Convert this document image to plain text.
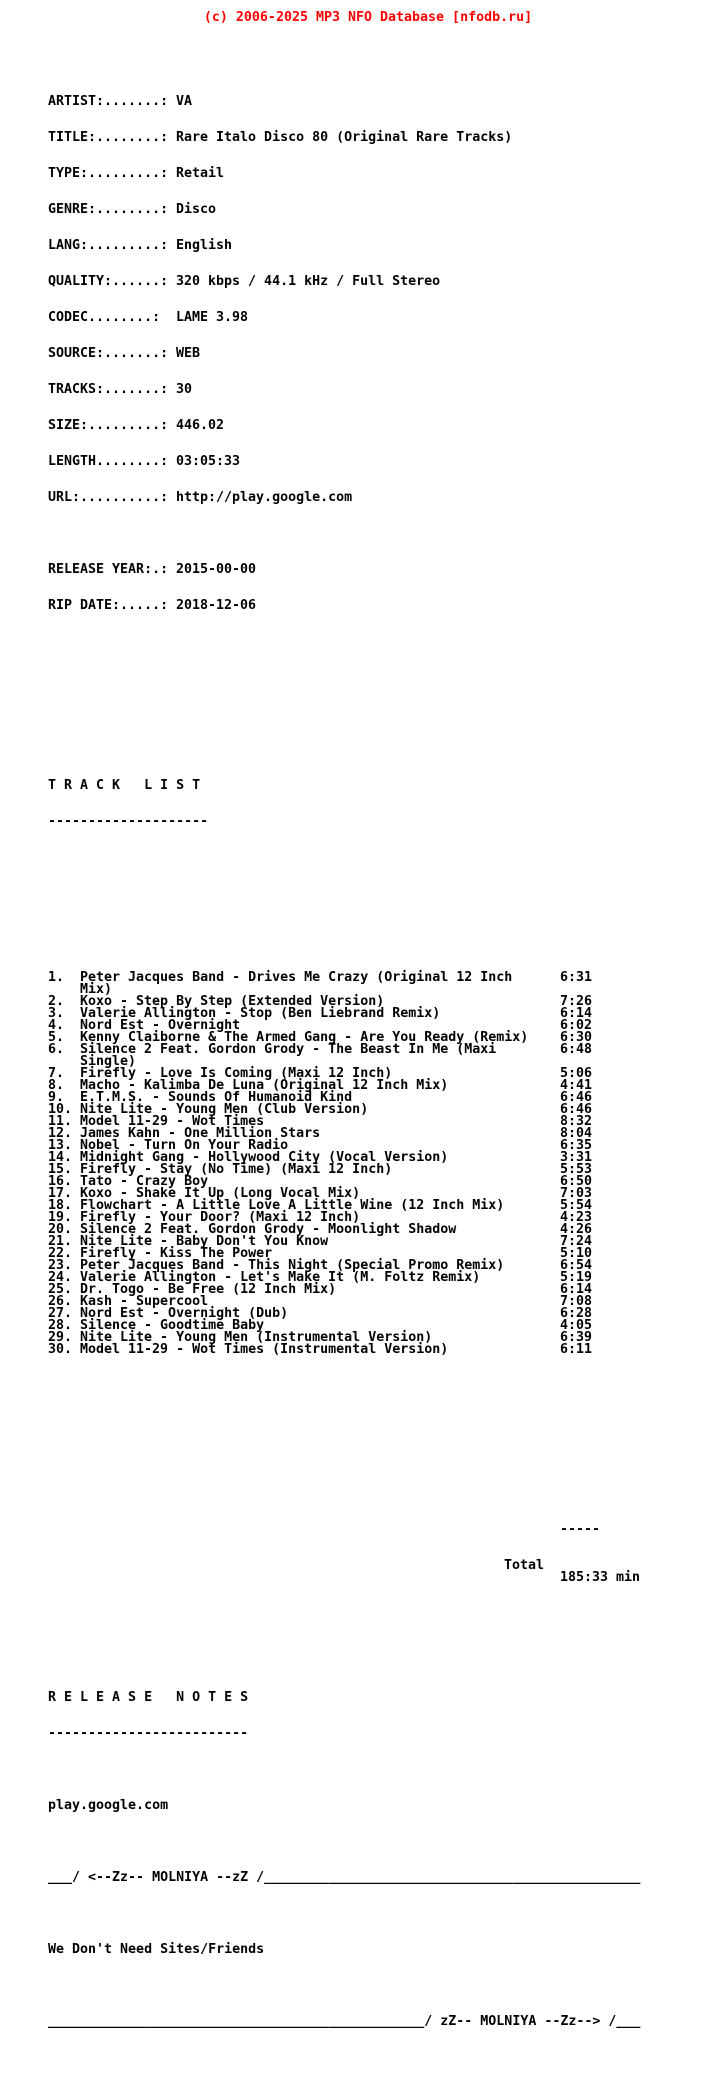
(c) 2006-2025 MP3 NFO Database [nfodb.ru]

ARTIST:.......: VA

TITLE:........: Rare Italo Disco 80 (Original Rare Tracks)

TYPE:.........: Retail

GENRE:........: Disco

LANG:.........: English

QUALITY:......: 320 kbps / 44.1 kHz / Full Stereo

CODEC........: LAME 3.98

SOURCE:.......: WEB

TRACKS:.......: 30

SIZE:.........: 446.02

LENGTH........: 03:05:33

URL:..........: http://play.google.com

RELEASE YEAR:.: 2015-00-00

RIP DATE:.....: 2018-12-06

T R A C K   L I S T

--------------------

1.	Peter Jacques Band - Drives Me Crazy (Original 12 Inch	6:31
Mix)
2.	Koxo - Step By Step (Extended Version)	7:26
3.	Valerie Allington - Stop (Ben Liebrand Remix)	6:14
4.	Nord Est - Overnight	6:02
5.	Kenny Claiborne & The Armed Gang - Are You Ready (Remix)	6:30
6.	Silence 2 Feat. Gordon Grody - The Beast In Me (Maxi	6:48
Single)
7.	Firefly - Love Is Coming (Maxi 12 Inch)	5:06
8.	Macho - Kalimba De Luna (Original 12 Inch Mix)	4:41
9.	E.T.M.S. - Sounds Of Humanoid Kind	6:46
10. Nite Lite - Young Men (Club Version)	6:46
11. Model 11-29 - Wot Times	8:32
12. James Kahn - One Million Stars	8:04
13. Nobel - Turn On Your Radio	6:35
14. Midnight Gang - Hollywood City (Vocal Version)	3:31
15. Firefly - Stay (No Time) (Maxi 12 Inch)	5:53
16. Tato - Crazy Boy	6:50
17. Koxo - Shake It Up (Long Vocal Mix)	7:03
18. Flowchart - A Little Love A Little Wine (12 Inch Mix)	5:54
19. Firefly - Your Door? (Maxi 12 Inch)	4:23
20. Silence 2 Feat. Gordon Grody - Moonlight Shadow	4:26
21. Nite Lite - Baby Don't You Know	7:24
22. Firefly - Kiss The Power	5:10
23. Peter Jacques Band - This Night (Special Promo Remix)	6:54
24. Valerie Allington - Let's Make It (M. Foltz Remix)	5:19
25. Dr. Togo - Be Free (12 Inch Mix)	6:14
26. Kash - Supercool	7:08
27. Nord Est - Overnight (Dub)	6:28
28. Silence - Goodtime Baby	4:05
29. Nite Lite - Young Men (Instrumental Version)	6:39
30. Model 11-29 - Wot Times (Instrumental Version)	6:11

-----

Total

185:33 min

R E L E A S E   N O T E S

-------------------------

play.google.com

___/ <--Zz-- MOLNIYA --zZ /_______________________________________________

We Don't Need Sites/Friends

_______________________________________________/ zZ-- MOLNIYA --Zz--> /___
